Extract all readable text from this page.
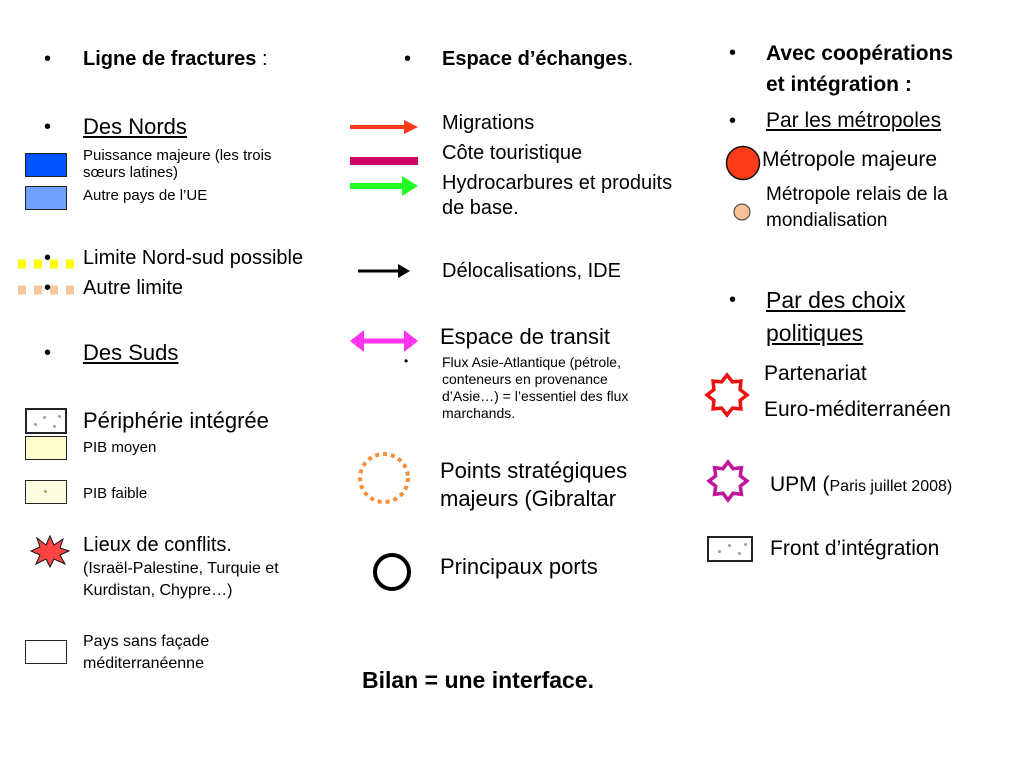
• Ligne de fractures :
• Des Nords
Puissance majeure (les trois
sœurs latines)
Autre pays de l’UE
• Limite Nord-sud possible
• Autre limite
• Des Suds
Périphérie intégrée
PIB moyen
PIB faible
Lieux de conflits.
(Israël-Palestine, Turquie et
Kurdistan, Chypre…)
Pays sans façade
méditerranéenne
• Espace d’échanges.
Migrations
Côte touristique
Hydrocarbures et produits
de base.
Délocalisations, IDE
Espace de transit
• Flux Asie-Atlantique (pétrole,
conteneurs en provenance
d’Asie…) = l’essentiel des flux
marchands.
Points stratégiques
majeurs (Gibraltar
Principaux ports
Bilan = une interface.
• Avec coopérations
et intégration :
• Par les métropoles
Métropole majeure
Métropole relais de la
mondialisation
• Par des choix
politiques
Partenariat
Euro-méditerranéen
UPM (Paris juillet 2008)
Front d’intégration
